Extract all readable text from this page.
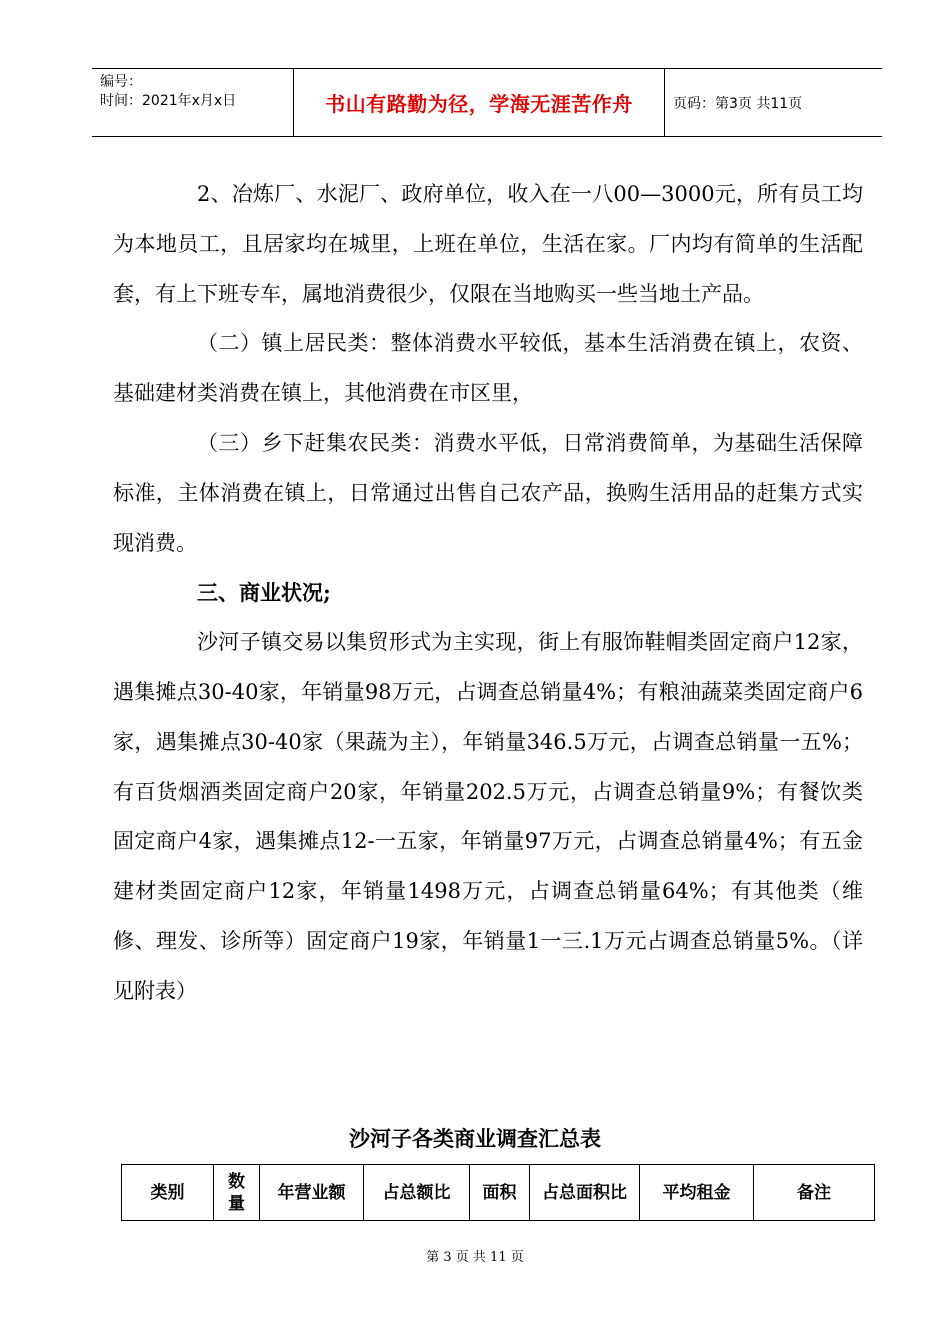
编号：
时间：2021年x月x日	书山有路勤为径，学海无涯苦作舟	页码：第3页 共11页

2、冶炼厂、水泥厂、政府单位，收入在一八00—3000元，所有员工均为本地员工，且居家均在城里，上班在单位，生活在家。厂内均有简单的生活配套，有上下班专车，属地消费很少，仅限在当地购买一些当地土产品。

（二）镇上居民类：整体消费水平较低，基本生活消费在镇上，农资、基础建材类消费在镇上，其他消费在市区里，

（三）乡下赶集农民类：消费水平低，日常消费简单，为基础生活保障标准，主体消费在镇上，日常通过出售自己农产品，换购生活用品的赶集方式实现消费。

三、商业状况;

沙河子镇交易以集贸形式为主实现，街上有服饰鞋帽类固定商户12家，遇集摊点30-40家，年销量98万元，占调查总销量4%；有粮油蔬菜类固定商户6家，遇集摊点30-40家（果蔬为主），年销量346.5万元，占调查总销量一五%；有百货烟酒类固定商户20家，年销量202.5万元，占调查总销量9%；有餐饮类固定商户4家，遇集摊点12-一五家，年销量97万元，占调查总销量4%；有五金建材类固定商户12家，年销量1498万元，占调查总销量64%；有其他类（维修、理发、诊所等）固定商户19家，年销量1一三.1万元占调查总销量5%。（详见附表）

沙河子各类商业调查汇总表
类别	数量	年营业额	占总额比	面积	占总面积比	平均租金	备注
第 3 页 共 11 页
